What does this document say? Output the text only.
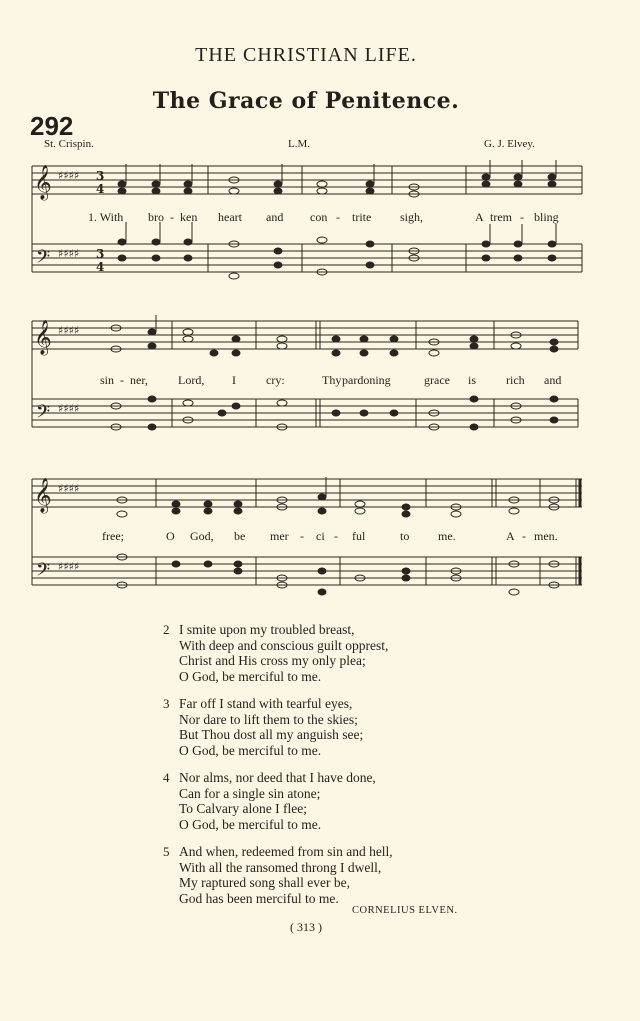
THE CHRISTIAN LIFE.
The Grace of Penitence.
292
St. Crispin.	L.M.	G. J. Elvey.
𝄞
𝄢
♯♯♯♯
♯♯♯♯
3
4
3
4
1. With bro - ken heart and con - trite sigh,	A trem - bling
𝄞
𝄢
♯♯♯♯
♯♯♯♯
sin - ner,	Lord, I	cry:	Thy pardoning	grace is rich and
𝄞
𝄢
♯♯♯♯
♯♯♯♯
free;	O God, be mer - ci - ful	to me.	A - men.
2 I smite upon my troubled breast,
With deep and conscious guilt opprest,
Christ and His cross my only plea;
O God, be merciful to me.
3 Far off I stand with tearful eyes,
Nor dare to lift them to the skies;
But Thou dost all my anguish see;
O God, be merciful to me.
4 Nor alms, nor deed that I have done,
Can for a single sin atone;
To Calvary alone I flee;
O God, be merciful to me.
5 And when, redeemed from sin and hell,
With all the ransomed throng I dwell,
My raptured song shall ever be,
God has been merciful to me.
CORNELIUS ELVEN.
( 313 )
